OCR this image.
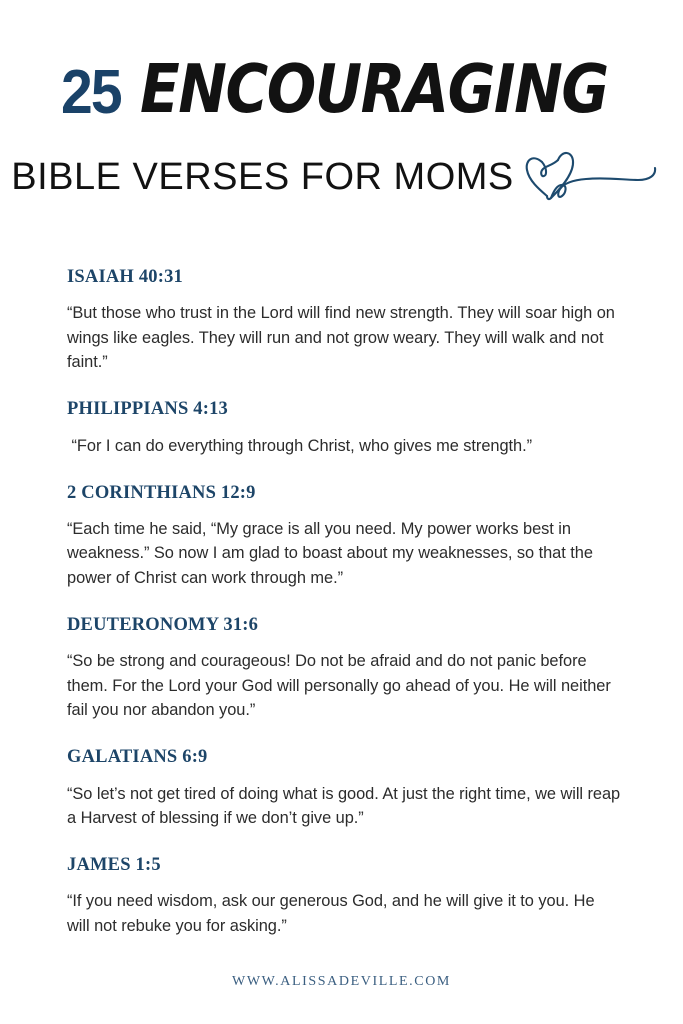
25 ENCOURAGING
BIBLE VERSES FOR MOMS

ISAIAH 40:31

“But those who trust in the Lord will find new strength. They will soar high on wings like eagles. They will run and not grow weary. They will walk and not faint.”

PHILIPPIANS 4:13

“For I can do everything through Christ, who gives me strength.”

2 CORINTHIANS 12:9

“Each time he said, “My grace is all you need. My power works best in weakness.” So now I am glad to boast about my weaknesses, so that the power of Christ can work through me.”

DEUTERONOMY 31:6

“So be strong and courageous! Do not be afraid and do not panic before them. For the Lord your God will personally go ahead of you. He will neither fail you nor abandon you.”

GALATIANS 6:9

“So let’s not get tired of doing what is good. At just the right time, we will reap a Harvest of blessing if we don’t give up.”

JAMES 1:5

“If you need wisdom, ask our generous God, and he will give it to you. He will not rebuke you for asking.”

WWW.ALISSADEVILLE.COM
